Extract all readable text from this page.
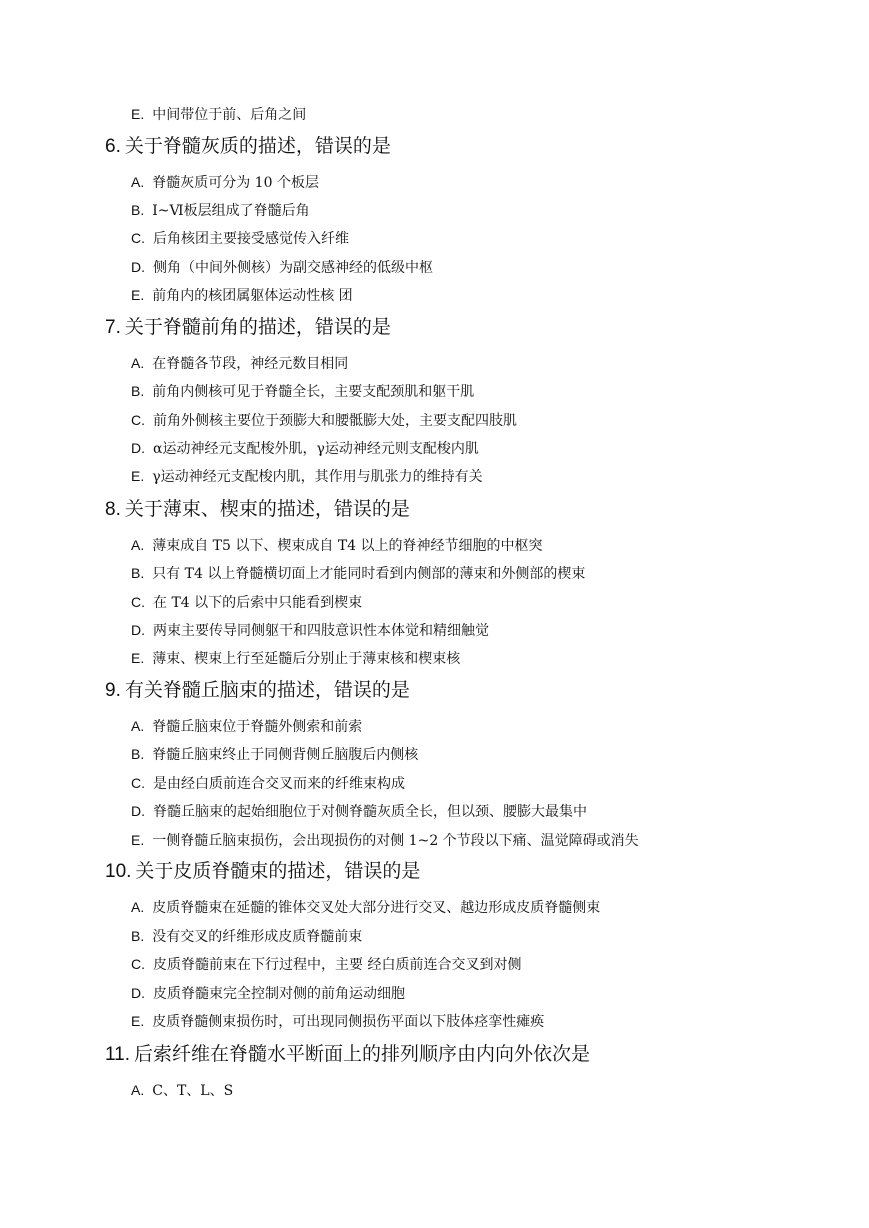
E. 中间带位于前、后角之间
6. 关于脊髓灰质的描述，错误的是
A. 脊髓灰质可分为 10 个板层
B. Ⅰ~Ⅵ板层组成了脊髓后角
C. 后角核团主要接受感觉传入纤维
D. 侧角（中间外侧核）为副交感神经的低级中枢
E. 前角内的核团属躯体运动性核 团
7. 关于脊髓前角的描述，错误的是
A. 在脊髓各节段，神经元数目相同
B. 前角内侧核可见于脊髓全长，主要支配颈肌和躯干肌
C. 前角外侧核主要位于颈膨大和腰骶膨大处，主要支配四肢肌
D. α运动神经元支配梭外肌，γ运动神经元则支配梭内肌
E. γ运动神经元支配梭内肌，其作用与肌张力的维持有关
8. 关于薄束、楔束的描述，错误的是
A. 薄束成自 T5 以下、楔束成自 T4 以上的脊神经节细胞的中枢突
B. 只有 T4 以上脊髓横切面上才能同时看到内侧部的薄束和外侧部的楔束
C. 在 T4 以下的后索中只能看到楔束
D. 两束主要传导同侧躯干和四肢意识性本体觉和精细触觉
E. 薄束、楔束上行至延髓后分别止于薄束核和楔束核
9. 有关脊髓丘脑束的描述，错误的是
A. 脊髓丘脑束位于脊髓外侧索和前索
B. 脊髓丘脑束终止于同侧背侧丘脑腹后内侧核
C. 是由经白质前连合交叉而来的纤维束构成
D. 脊髓丘脑束的起始细胞位于对侧脊髓灰质全长，但以颈、腰膨大最集中
E. 一侧脊髓丘脑束损伤，会出现损伤的对侧 1~2 个节段以下痛、温觉障碍或消失
10. 关于皮质脊髓束的描述，错误的是
A. 皮质脊髓束在延髓的锥体交叉处大部分进行交叉、越边形成皮质脊髓侧束
B. 没有交叉的纤维形成皮质脊髓前束
C. 皮质脊髓前束在下行过程中，主要 经白质前连合交叉到对侧
D. 皮质脊髓束完全控制对侧的前角运动细胞
E. 皮质脊髓侧束损伤时，可出现同侧损伤平面以下肢体痉挛性瘫痪
11. 后索纤维在脊髓水平断面上的排列顺序由内向外依次是
A. C、T、L、S
